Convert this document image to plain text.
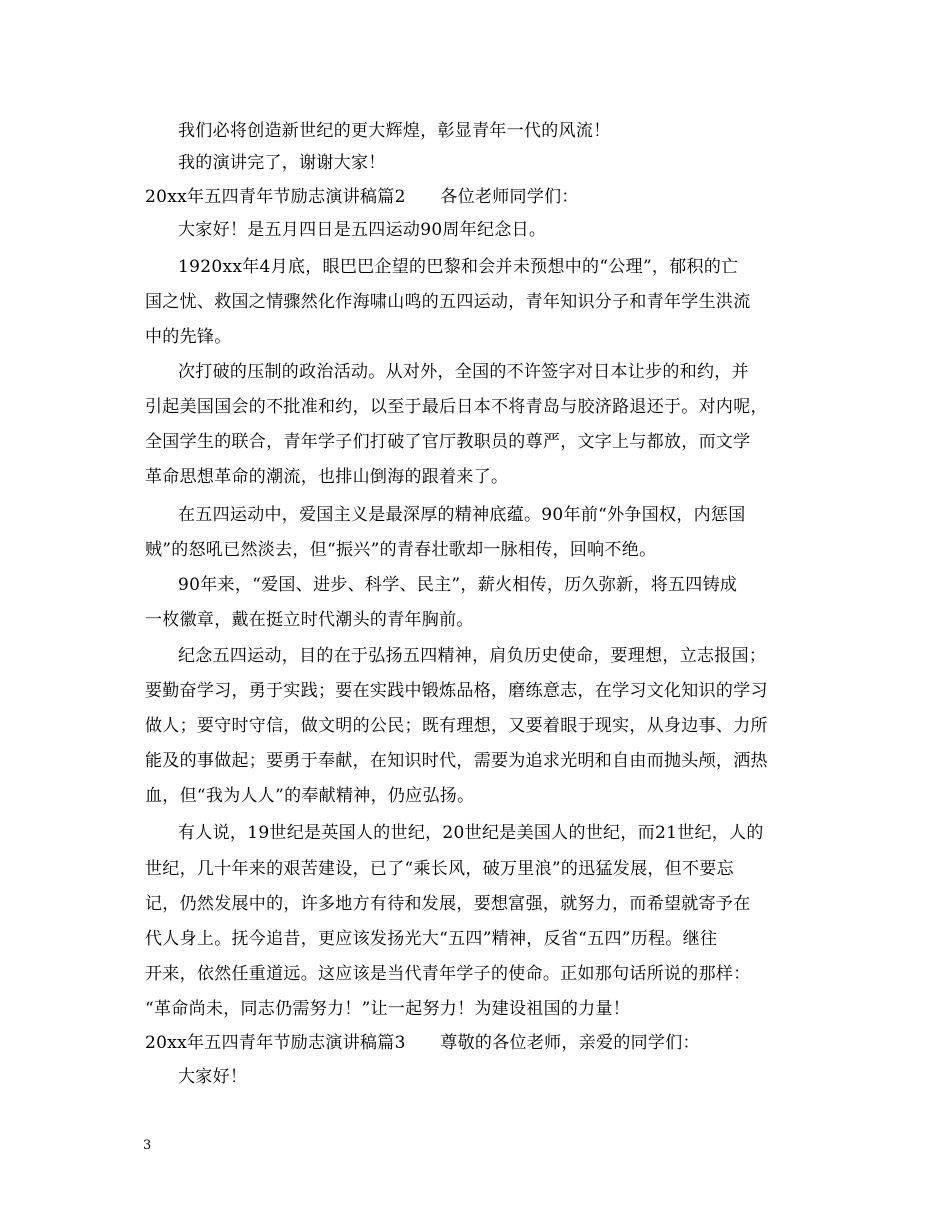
我们必将创造新世纪的更大辉煌，彰显青年一代的风流！
我的演讲完了，谢谢大家！
20xx年五四青年节励志演讲稿篇2　　各位老师同学们：
大家好！是五月四日是五四运动90周年纪念日。
1920xx年4月底，眼巴巴企望的巴黎和会并未预想中的“公理”，郁积的亡
国之忧、救国之情骤然化作海啸山鸣的五四运动，青年知识分子和青年学生洪流
中的先锋。
次打破的压制的政治活动。从对外，全国的不许签字对日本让步的和约，并
引起美国国会的不批准和约，以至于最后日本不将青岛与胶济路退还于。对内呢，
全国学生的联合，青年学子们打破了官厅教职员的尊严，文字上与都放，而文学
革命思想革命的潮流，也排山倒海的跟着来了。
在五四运动中，爱国主义是最深厚的精神底蕴。90年前“外争国权，内惩国
贼”的怒吼已然淡去，但“振兴”的青春壮歌却一脉相传，回响不绝。
90年来，“爱国、进步、科学、民主”，薪火相传，历久弥新，将五四铸成
一枚徽章，戴在挺立时代潮头的青年胸前。
纪念五四运动，目的在于弘扬五四精神，肩负历史使命，要理想，立志报国；
要勤奋学习，勇于实践；要在实践中锻炼品格，磨练意志，在学习文化知识的学习
做人；要守时守信，做文明的公民；既有理想，又要着眼于现实，从身边事、力所
能及的事做起；要勇于奉献，在知识时代，需要为追求光明和自由而抛头颅，洒热
血，但“我为人人”的奉献精神，仍应弘扬。
有人说，19世纪是英国人的世纪，20世纪是美国人的世纪，而21世纪，人的
世纪，几十年来的艰苦建设，已了“乘长风，破万里浪”的迅猛发展，但不要忘
记，仍然发展中的，许多地方有待和发展，要想富强，就努力，而希望就寄予在
代人身上。抚今追昔，更应该发扬光大“五四”精神，反省“五四”历程。继往
开来，依然任重道远。这应该是当代青年学子的使命。正如那句话所说的那样：
“革命尚未，同志仍需努力！”让一起努力！为建设祖国的力量！
20xx年五四青年节励志演讲稿篇3　　尊敬的各位老师，亲爱的同学们：
大家好！
3
